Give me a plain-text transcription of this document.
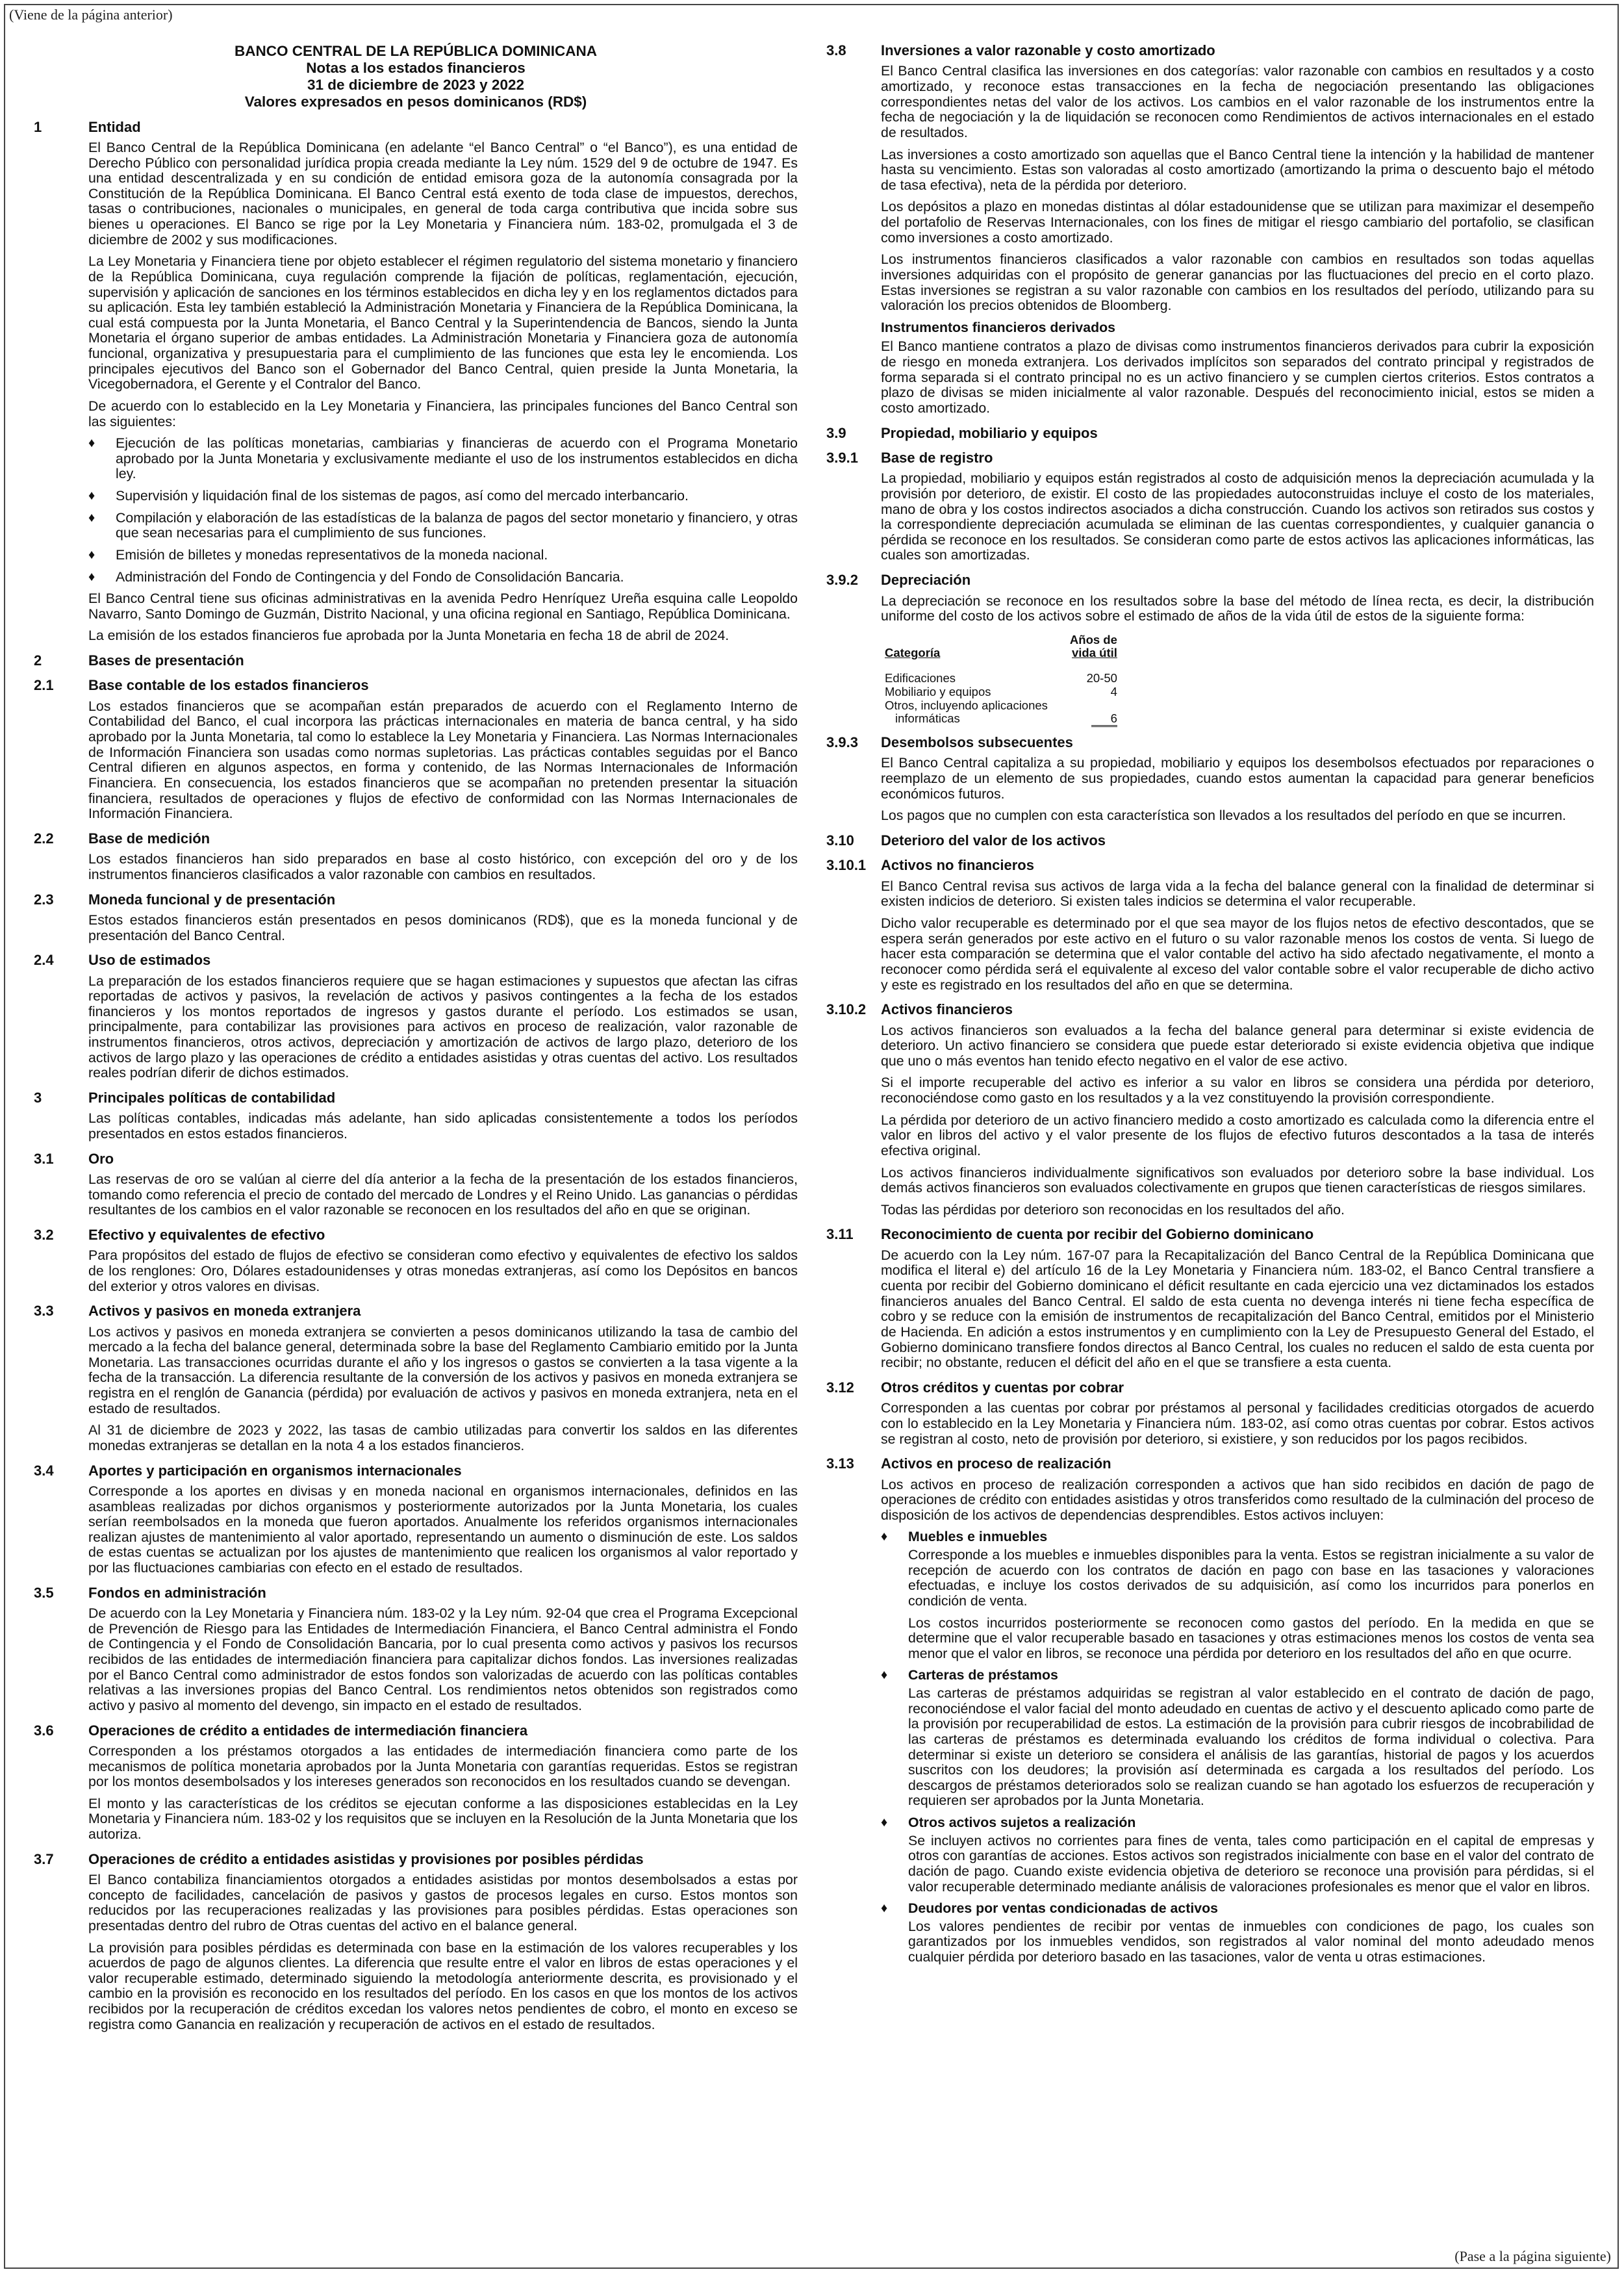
(Viene de la página anterior)
(Pase a la página siguiente)
BANCO CENTRAL DE LA REPÚBLICA DOMINICANA
Notas a los estados financieros
31 de diciembre de 2023 y 2022
Valores expresados en pesos dominicanos (RD$)
1	Entidad

El Banco Central de la República Dominicana (en adelante “el Banco Central” o “el Banco”), es una entidad de Derecho Público con personalidad jurídica propia creada mediante la Ley núm. 1529 del 9 de octubre de 1947. Es una entidad descentralizada y en su condición de entidad emisora goza de la autonomía consagrada por la Constitución de la República Dominicana. El Banco Central está exento de toda clase de impuestos, derechos, tasas o contribuciones, nacionales o municipales, en general de toda carga contributiva que incida sobre sus bienes u operaciones. El Banco se rige por la Ley Monetaria y Financiera núm. 183-02, promulgada el 3 de diciembre de 2002 y sus modificaciones.

La Ley Monetaria y Financiera tiene por objeto establecer el régimen regulatorio del sistema monetario y financiero de la República Dominicana, cuya regulación comprende la fijación de políticas, reglamentación, ejecución, supervisión y aplicación de sanciones en los términos establecidos en dicha ley y en los reglamentos dictados para su aplicación. Esta ley también estableció la Administración Monetaria y Financiera de la República Dominicana, la cual está compuesta por la Junta Monetaria, el Banco Central y la Superintendencia de Bancos, siendo la Junta Monetaria el órgano superior de ambas entidades. La Administración Monetaria y Financiera goza de autonomía funcional, organizativa y presupuestaria para el cumplimiento de las funciones que esta ley le encomienda. Los principales ejecutivos del Banco son el Gobernador del Banco Central, quien preside la Junta Monetaria, la Vicegobernadora, el Gerente y el Contralor del Banco.

De acuerdo con lo establecido en la Ley Monetaria y Financiera, las principales funciones del Banco Central son las siguientes:

♦ Ejecución de las políticas monetarias, cambiarias y financieras de acuerdo con el Programa Monetario aprobado por la Junta Monetaria y exclusivamente mediante el uso de los instrumentos establecidos en dicha ley.
♦ Supervisión y liquidación final de los sistemas de pagos, así como del mercado interbancario.
♦ Compilación y elaboración de las estadísticas de la balanza de pagos del sector monetario y financiero, y otras que sean necesarias para el cumplimiento de sus funciones.
♦ Emisión de billetes y monedas representativos de la moneda nacional.
♦ Administración del Fondo de Contingencia y del Fondo de Consolidación Bancaria.

El Banco Central tiene sus oficinas administrativas en la avenida Pedro Henríquez Ureña esquina calle Leopoldo Navarro, Santo Domingo de Guzmán, Distrito Nacional, y una oficina regional en Santiago, República Dominicana.

La emisión de los estados financieros fue aprobada por la Junta Monetaria en fecha 18 de abril de 2024.

2	Bases de presentación
2.1	Base contable de los estados financieros

Los estados financieros que se acompañan están preparados de acuerdo con el Reglamento Interno de Contabilidad del Banco, el cual incorpora las prácticas internacionales en materia de banca central, y ha sido aprobado por la Junta Monetaria, tal como lo establece la Ley Monetaria y Financiera. Las Normas Internacionales de Información Financiera son usadas como normas supletorias. Las prácticas contables seguidas por el Banco Central difieren en algunos aspectos, en forma y contenido, de las Normas Internacionales de Información Financiera. En consecuencia, los estados financieros que se acompañan no pretenden presentar la situación financiera, resultados de operaciones y flujos de efectivo de conformidad con las Normas Internacionales de Información Financiera.

2.2	Base de medición

Los estados financieros han sido preparados en base al costo histórico, con excepción del oro y de los instrumentos financieros clasificados a valor razonable con cambios en resultados.

2.3	Moneda funcional y de presentación

Estos estados financieros están presentados en pesos dominicanos (RD$), que es la moneda funcional y de presentación del Banco Central.

2.4	Uso de estimados

La preparación de los estados financieros requiere que se hagan estimaciones y supuestos que afectan las cifras reportadas de activos y pasivos, la revelación de activos y pasivos contingentes a la fecha de los estados financieros y los montos reportados de ingresos y gastos durante el período. Los estimados se usan, principalmente, para contabilizar las provisiones para activos en proceso de realización, valor razonable de instrumentos financieros, otros activos, depreciación y amortización de activos de largo plazo, deterioro de los activos de largo plazo y las operaciones de crédito a entidades asistidas y otras cuentas del activo. Los resultados reales podrían diferir de dichos estimados.

3	Principales políticas de contabilidad

Las políticas contables, indicadas más adelante, han sido aplicadas consistentemente a todos los períodos presentados en estos estados financieros.

3.1	Oro

Las reservas de oro se valúan al cierre del día anterior a la fecha de la presentación de los estados financieros, tomando como referencia el precio de contado del mercado de Londres y el Reino Unido. Las ganancias o pérdidas resultantes de los cambios en el valor razonable se reconocen en los resultados del año en que se originan.

3.2	Efectivo y equivalentes de efectivo

Para propósitos del estado de flujos de efectivo se consideran como efectivo y equivalentes de efectivo los saldos de los renglones: Oro, Dólares estadounidenses y otras monedas extranjeras, así como los Depósitos en bancos del exterior y otros valores en divisas.

3.3	Activos y pasivos en moneda extranjera

Los activos y pasivos en moneda extranjera se convierten a pesos dominicanos utilizando la tasa de cambio del mercado a la fecha del balance general, determinada sobre la base del Reglamento Cambiario emitido por la Junta Monetaria. Las transacciones ocurridas durante el año y los ingresos o gastos se convierten a la tasa vigente a la fecha de la transacción. La diferencia resultante de la conversión de los activos y pasivos en moneda extranjera se registra en el renglón de Ganancia (pérdida) por evaluación de activos y pasivos en moneda extranjera, neta en el estado de resultados.

Al 31 de diciembre de 2023 y 2022, las tasas de cambio utilizadas para convertir los saldos en las diferentes monedas extranjeras se detallan en la nota 4 a los estados financieros.

3.4	Aportes y participación en organismos internacionales

Corresponde a los aportes en divisas y en moneda nacional en organismos internacionales, definidos en las asambleas realizadas por dichos organismos y posteriormente autorizados por la Junta Monetaria, los cuales serían reembolsados en la moneda que fueron aportados. Anualmente los referidos organismos internacionales realizan ajustes de mantenimiento al valor aportado, representando un aumento o disminución de este. Los saldos de estas cuentas se actualizan por los ajustes de mantenimiento que realicen los organismos al valor reportado y por las fluctuaciones cambiarias con efecto en el estado de resultados.

3.5	Fondos en administración

De acuerdo con la Ley Monetaria y Financiera núm. 183-02 y la Ley núm. 92-04 que crea el Programa Excepcional de Prevención de Riesgo para las Entidades de Intermediación Financiera, el Banco Central administra el Fondo de Contingencia y el Fondo de Consolidación Bancaria, por lo cual presenta como activos y pasivos los recursos recibidos de las entidades de intermediación financiera para capitalizar dichos fondos. Las inversiones realizadas por el Banco Central como administrador de estos fondos son valorizadas de acuerdo con las políticas contables relativas a las inversiones propias del Banco Central. Los rendimientos netos obtenidos son registrados como activo y pasivo al momento del devengo, sin impacto en el estado de resultados.

3.6	Operaciones de crédito a entidades de intermediación financiera

Corresponden a los préstamos otorgados a las entidades de intermediación financiera como parte de los mecanismos de política monetaria aprobados por la Junta Monetaria con garantías requeridas. Estos se registran por los montos desembolsados y los intereses generados son reconocidos en los resultados cuando se devengan.

El monto y las características de los créditos se ejecutan conforme a las disposiciones establecidas en la Ley Monetaria y Financiera núm. 183-02 y los requisitos que se incluyen en la Resolución de la Junta Monetaria que los autoriza.

3.7	Operaciones de crédito a entidades asistidas y provisiones por posibles pérdidas

El Banco contabiliza financiamientos otorgados a entidades asistidas por montos desembolsados a estas por concepto de facilidades, cancelación de pasivos y gastos de procesos legales en curso. Estos montos son reducidos por las recuperaciones realizadas y las provisiones para posibles pérdidas. Estas operaciones son presentadas dentro del rubro de Otras cuentas del activo en el balance general.

La provisión para posibles pérdidas es determinada con base en la estimación de los valores recuperables y los acuerdos de pago de algunos clientes. La diferencia que resulte entre el valor en libros de estas operaciones y el valor recuperable estimado, determinado siguiendo la metodología anteriormente descrita, es provisionado y el cambio en la provisión es reconocido en los resultados del período. En los casos en que los montos de los activos recibidos por la recuperación de créditos excedan los valores netos pendientes de cobro, el monto en exceso se registra como Ganancia en realización y recuperación de activos en el estado de resultados.

3.8	Inversiones a valor razonable y costo amortizado

El Banco Central clasifica las inversiones en dos categorías: valor razonable con cambios en resultados y a costo amortizado, y reconoce estas transacciones en la fecha de negociación presentando las obligaciones correspondientes netas del valor de los activos. Los cambios en el valor razonable de los instrumentos entre la fecha de negociación y la de liquidación se reconocen como Rendimientos de activos internacionales en el estado de resultados.

Las inversiones a costo amortizado son aquellas que el Banco Central tiene la intención y la habilidad de mantener hasta su vencimiento. Estas son valoradas al costo amortizado (amortizando la prima o descuento bajo el método de tasa efectiva), neta de la pérdida por deterioro.

Los depósitos a plazo en monedas distintas al dólar estadounidense que se utilizan para maximizar el desempeño del portafolio de Reservas Internacionales, con los fines de mitigar el riesgo cambiario del portafolio, se clasifican como inversiones a costo amortizado.

Los instrumentos financieros clasificados a valor razonable con cambios en resultados son todas aquellas inversiones adquiridas con el propósito de generar ganancias por las fluctuaciones del precio en el corto plazo. Estas inversiones se registran a su valor razonable con cambios en los resultados del período, utilizando para su valoración los precios obtenidos de Bloomberg.

Instrumentos financieros derivados

El Banco mantiene contratos a plazo de divisas como instrumentos financieros derivados para cubrir la exposición de riesgo en moneda extranjera. Los derivados implícitos son separados del contrato principal y registrados de forma separada si el contrato principal no es un activo financiero y se cumplen ciertos criterios. Estos contratos a plazo de divisas se miden inicialmente al valor razonable. Después del reconocimiento inicial, estos se miden a costo amortizado.

3.9	Propiedad, mobiliario y equipos
3.9.1	Base de registro

La propiedad, mobiliario y equipos están registrados al costo de adquisición menos la depreciación acumulada y la provisión por deterioro, de existir. El costo de las propiedades autoconstruidas incluye el costo de los materiales, mano de obra y los costos indirectos asociados a dicha construcción. Cuando los activos son retirados sus costos y la correspondiente depreciación acumulada se eliminan de las cuentas correspondientes, y cualquier ganancia o pérdida se reconoce en los resultados. Se consideran como parte de estos activos las aplicaciones informáticas, las cuales son amortizadas.

3.9.2	Depreciación

La depreciación se reconoce en los resultados sobre la base del método de línea recta, es decir, la distribución uniforme del costo de los activos sobre el estimado de años de la vida útil de estos de la siguiente forma:

Categoría	Años de
vida útil
Edificaciones	20-50
Mobiliario y equipos	4
Otros, incluyendo aplicaciones	
informáticas	6
3.9.3	Desembolsos subsecuentes

El Banco Central capitaliza a su propiedad, mobiliario y equipos los desembolsos efectuados por reparaciones o reemplazo de un elemento de sus propiedades, cuando estos aumentan la capacidad para generar beneficios económicos futuros.

Los pagos que no cumplen con esta característica son llevados a los resultados del período en que se incurren.

3.10	Deterioro del valor de los activos
3.10.1	Activos no financieros

El Banco Central revisa sus activos de larga vida a la fecha del balance general con la finalidad de determinar si existen indicios de deterioro. Si existen tales indicios se determina el valor recuperable.

Dicho valor recuperable es determinado por el que sea mayor de los flujos netos de efectivo descontados, que se espera serán generados por este activo en el futuro o su valor razonable menos los costos de venta. Si luego de hacer esta comparación se determina que el valor contable del activo ha sido afectado negativamente, el monto a reconocer como pérdida será el equivalente al exceso del valor contable sobre el valor recuperable de dicho activo y este es registrado en los resultados del año en que se determina.

3.10.2	Activos financieros

Los activos financieros son evaluados a la fecha del balance general para determinar si existe evidencia de deterioro. Un activo financiero se considera que puede estar deteriorado si existe evidencia objetiva que indique que uno o más eventos han tenido efecto negativo en el valor de ese activo.

Si el importe recuperable del activo es inferior a su valor en libros se considera una pérdida por deterioro, reconociéndose como gasto en los resultados y a la vez constituyendo la provisión correspondiente.

La pérdida por deterioro de un activo financiero medido a costo amortizado es calculada como la diferencia entre el valor en libros del activo y el valor presente de los flujos de efectivo futuros descontados a la tasa de interés efectiva original.

Los activos financieros individualmente significativos son evaluados por deterioro sobre la base individual. Los demás activos financieros son evaluados colectivamente en grupos que tienen características de riesgos similares.

Todas las pérdidas por deterioro son reconocidas en los resultados del año.

3.11	Reconocimiento de cuenta por recibir del Gobierno dominicano

De acuerdo con la Ley núm. 167-07 para la Recapitalización del Banco Central de la República Dominicana que modifica el literal e) del artículo 16 de la Ley Monetaria y Financiera núm. 183-02, el Banco Central transfiere a cuenta por recibir del Gobierno dominicano el déficit resultante en cada ejercicio una vez dictaminados los estados financieros anuales del Banco Central. El saldo de esta cuenta no devenga interés ni tiene fecha específica de cobro y se reduce con la emisión de instrumentos de recapitalización del Banco Central, emitidos por el Ministerio de Hacienda. En adición a estos instrumentos y en cumplimiento con la Ley de Presupuesto General del Estado, el Gobierno dominicano transfiere fondos directos al Banco Central, los cuales no reducen el saldo de esta cuenta por recibir; no obstante, reducen el déficit del año en el que se transfiere a esta cuenta.

3.12	Otros créditos y cuentas por cobrar

Corresponden a las cuentas por cobrar por préstamos al personal y facilidades crediticias otorgados de acuerdo con lo establecido en la Ley Monetaria y Financiera núm. 183-02, así como otras cuentas por cobrar. Estos activos se registran al costo, neto de provisión por deterioro, si existiere, y son reducidos por los pagos recibidos.

3.13	Activos en proceso de realización

Los activos en proceso de realización corresponden a activos que han sido recibidos en dación de pago de operaciones de crédito con entidades asistidas y otros transferidos como resultado de la culminación del proceso de disposición de los activos de dependencias desprendibles. Estos activos incluyen:

♦ Muebles e inmuebles

Corresponde a los muebles e inmuebles disponibles para la venta. Estos se registran inicialmente a su valor de recepción de acuerdo con los contratos de dación en pago con base en las tasaciones y valoraciones efectuadas, e incluye los costos derivados de su adquisición, así como los incurridos para ponerlos en condición de venta.

Los costos incurridos posteriormente se reconocen como gastos del período. En la medida en que se determine que el valor recuperable basado en tasaciones y otras estimaciones menos los costos de venta sea menor que el valor en libros, se reconoce una pérdida por deterioro en los resultados del año en que ocurre.

♦ Carteras de préstamos

Las carteras de préstamos adquiridas se registran al valor establecido en el contrato de dación de pago, reconociéndose el valor facial del monto adeudado en cuentas de activo y el descuento aplicado como parte de la provisión por recuperabilidad de estos. La estimación de la provisión para cubrir riesgos de incobrabilidad de las carteras de préstamos es determinada evaluando los créditos de forma individual o colectiva. Para determinar si existe un deterioro se considera el análisis de las garantías, historial de pagos y los acuerdos suscritos con los deudores; la provisión así determinada es cargada a los resultados del período. Los descargos de préstamos deteriorados solo se realizan cuando se han agotado los esfuerzos de recuperación y requieren ser aprobados por la Junta Monetaria.

♦ Otros activos sujetos a realización

Se incluyen activos no corrientes para fines de venta, tales como participación en el capital de empresas y otros con garantías de acciones. Estos activos son registrados inicialmente con base en el valor del contrato de dación de pago. Cuando existe evidencia objetiva de deterioro se reconoce una provisión para pérdidas, si el valor recuperable determinado mediante análisis de valoraciones profesionales es menor que el valor en libros.

♦ Deudores por ventas condicionadas de activos

Los valores pendientes de recibir por ventas de inmuebles con condiciones de pago, los cuales son garantizados por los inmuebles vendidos, son registrados al valor nominal del monto adeudado menos cualquier pérdida por deterioro basado en las tasaciones, valor de venta u otras estimaciones.
